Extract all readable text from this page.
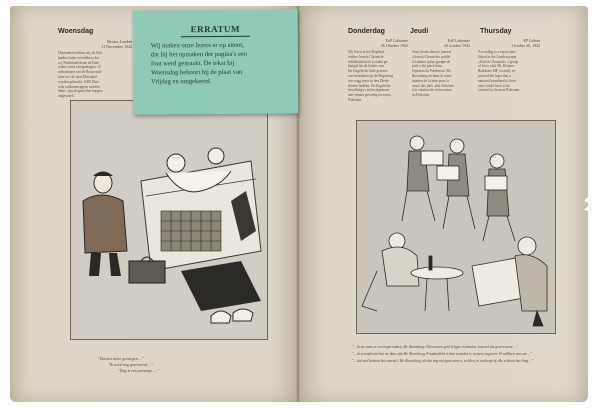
Woensdag
Reuter, Londen
11 November 1942
Duizenden hebben wij als Hol-
landers laten vertrekken, dat
wij Nederland thans de Duit-
schers werd overgedragen. 13
zeilschepen van de Britse mili-
taire inv. de naar Duitsland
worden gebracht. 1000 Duit-
sche soldatenwagens moeten
thans. zijn de getroffen burgers
uitgevoerd.
"Dat ziet more gezwegen ..."
"Ik word nog geserveerd ..."
"Dag is een presentje ...."
ERRATUM
Wij maken onze lezers er op attent,
dat bij het opmaken der pagina's een
fout werd gemaakt. De tekst bij
Woensdag behoort bij de plaat van
Vrijdag en omgekeerd.
Donderdag	Jeudi	Thursday
ExP Lisbonne
26 Oktober 1942
ExP Lisbonne
26 octobre 1942
EP Lisbon
October 26, 1942
Wij lezen in het Dagblad
ondere Jewish Chronicle
inliddensblad in Londen ge-
kenigd dat de leiders van
het Engelsche Jode gezeten
was betrekken op de Regeering
was rogg meer in den Diede-
rikaere hebben. De Engelsche
bevolking is in het algemeen
anti-semiet gevoelig en wenst
Palestina.
Nous lisons dans le journal
«Jewish Chronicle» publié
à Londres qu'un groupe de
juifs a été placé dans
l'opinion du Parlement. Mr.
Rosenberg réclame la conti-
nuation de la lutte pour la
cause des juifs, afin d'aboutir
à la création de cette nation
en Palestine.
According to a report pub-
lished in the London paper
«Jewish Chronicle» a group
of Jews with Mr. Eleanor
Rathbone MP, recently ex-
pressed the hope that a
national homeland of their
own would have to be
created for them in Palestine.
"... ik zie soms er een begin maken, Mr. Rosenberg. Dat moeten geld krijgen in handen, hoeveel dat geven zoeve ..."
"... ik veronderstel dat we daar zijn Mr. Rosenberg, Frankenlicht in hun vrienden te weeten, ongeveer 19 millioen van ons ..."
"... dat veel beteren het voorstel, Mr. Rosenberg, als dat nog niet gaat voor u, in liken, in verkoopt of elke zeeboot hoe lang ..."
